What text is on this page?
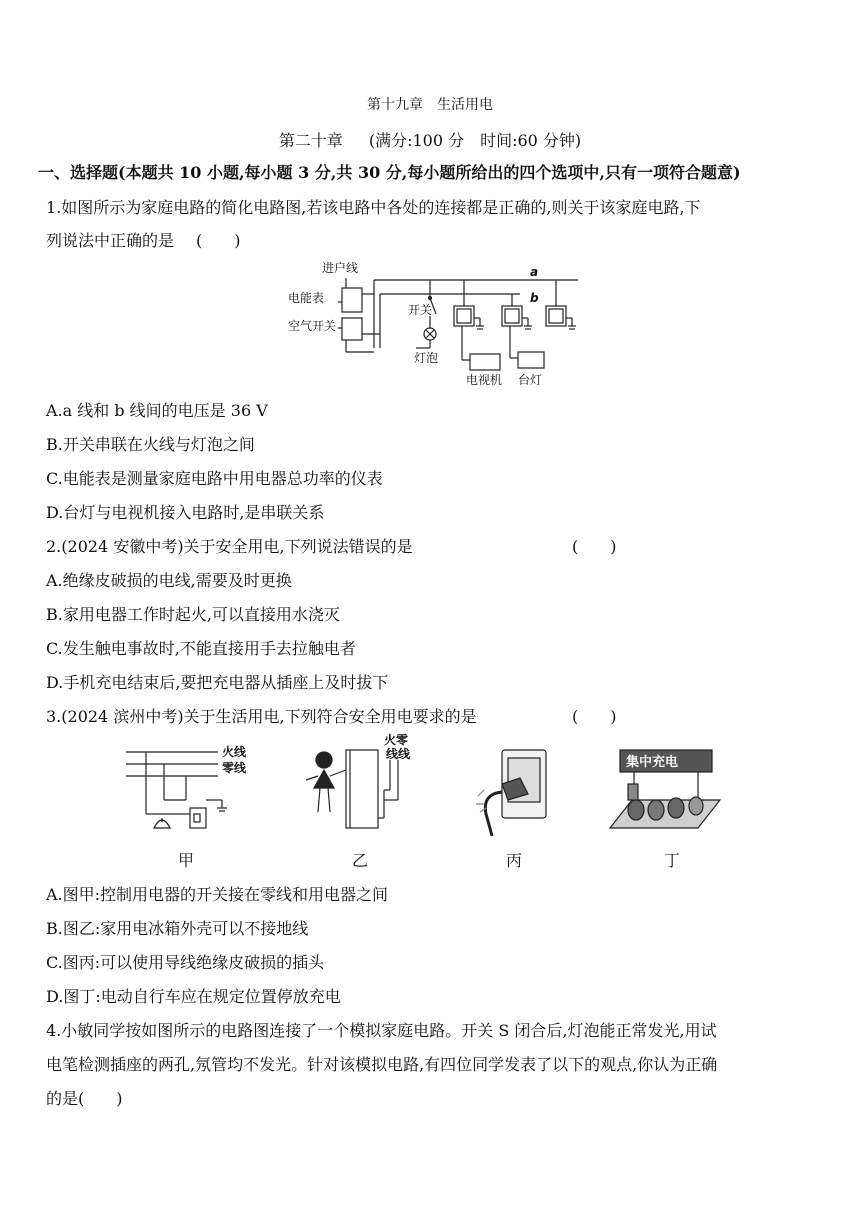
第十九章　生活用电
第二十章 (满分:100 分　时间:60 分钟)
一、选择题(本题共 10 小题,每小题 3 分,共 30 分,每小题所给出的四个选项中,只有一项符合题意)
1.如图所示为家庭电路的简化电路图,若该电路中各处的连接都是正确的,则关于该家庭电路,下
列说法中正确的是 (　　)
进户线
电能表
空气开关
a
b
开关
灯泡
电视机 台灯
A.a 线和 b 线间的电压是 36 V
B.开关串联在火线与灯泡之间
C.电能表是测量家庭电路中用电器总功率的仪表
D.台灯与电视机接入电路时,是串联关系
2.(2024 安徽中考)关于安全用电,下列说法错误的是	(　　)
A.绝缘皮破损的电线,需要及时更换
B.家用电器工作时起火,可以直接用水浇灭
C.发生触电事故时,不能直接用手去拉触电者
D.手机充电结束后,要把充电器从插座上及时拔下
3.(2024 滨州中考)关于生活用电,下列符合安全用电要求的是	(　　)
火线
零线
火零
线线
集中充电
甲	乙	丙	丁
A.图甲:控制用电器的开关接在零线和用电器之间
B.图乙:家用电冰箱外壳可以不接地线
C.图丙:可以使用导线绝缘皮破损的插头
D.图丁:电动自行车应在规定位置停放充电
4.小敏同学按如图所示的电路图连接了一个模拟家庭电路。开关 S 闭合后,灯泡能正常发光,用试
电笔检测插座的两孔,氖管均不发光。针对该模拟电路,有四位同学发表了以下的观点,你认为正确
的是(　　)
